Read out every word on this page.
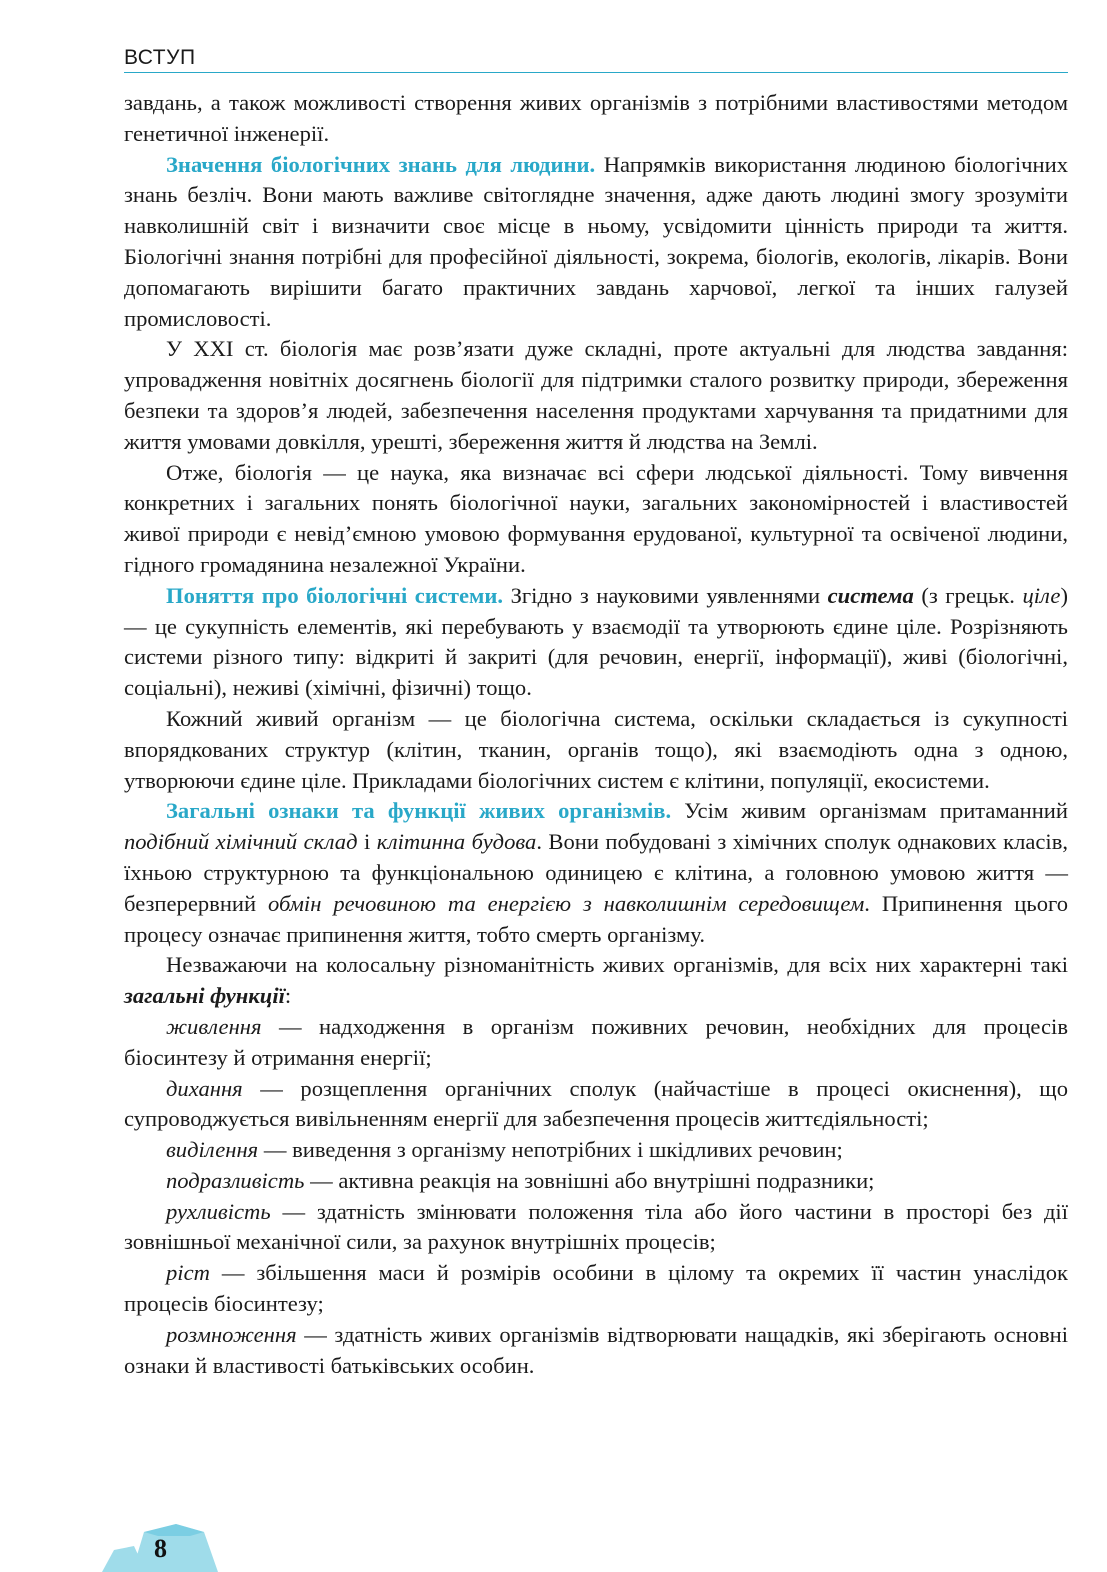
ВСТУП

завдань, а також можливості створення живих організмів з потрібними властивостями методом генетичної інженерії.

Значення біологічних знань для людини. Напрямків використання людиною біологічних знань безліч. Вони мають важливе світоглядне значення, адже дають людині змогу зрозуміти навколишній світ і визначити своє місце в ньому, усвідомити цінність природи та життя. Біологічні знання потрібні для професійної діяльності, зокрема, біологів, екологів, лікарів. Вони допомагають вирішити багато практичних завдань харчової, легкої та інших галузей промисловості.

У XXI ст. біологія має розв’язати дуже складні, проте актуальні для людства завдання: упровадження новітніх досягнень біології для підтримки сталого розвитку природи, збереження безпеки та здоров’я людей, забезпечення населення продуктами харчування та придатними для життя умовами довкілля, урешті, збереження життя й людства на Землі.

Отже, біологія — це наука, яка визначає всі сфери людської діяльності. Тому вивчення конкретних і загальних понять біологічної науки, загальних закономірностей і властивостей живої природи є невід’ємною умовою формування ерудованої, культурної та освіченої людини, гідного громадянина незалежної України.

Поняття про біологічні системи. Згідно з науковими уявленнями система (з грецьк. ціле) — це сукупність елементів, які перебувають у взаємодії та утворюють єдине ціле. Розрізняють системи різного типу: відкриті й закриті (для речовин, енергії, інформації), живі (біологічні, соціальні), неживі (хімічні, фізичні) тощо.

Кожний живий організм — це біологічна система, оскільки складається із сукупності впорядкованих структур (клітин, тканин, органів тощо), які взаємодіють одна з одною, утворюючи єдине ціле. Прикладами біологічних систем є клітини, популяції, екосистеми.

Загальні ознаки та функції живих організмів. Усім живим організмам притаманний подібний хімічний склад і клітинна будова. Вони побудовані з хімічних сполук однакових класів, їхньою структурною та функціональною одиницею є клітина, а головною умовою життя — безперервний обмін речовиною та енергією з навколишнім середовищем. Припинення цього процесу означає припинення життя, тобто смерть організму.

Незважаючи на колосальну різноманітність живих організмів, для всіх них характерні такі загальні функції:

живлення — надходження в організм поживних речовин, необхідних для процесів біосинтезу й отримання енергії;

дихання — розщеплення органічних сполук (найчастіше в процесі окиснення), що супроводжується вивільненням енергії для забезпечення процесів життєдіяльності;

виділення — виведення з організму непотрібних і шкідливих речовин;

подразливість — активна реакція на зовнішні або внутрішні подразники;

рухливість — здатність змінювати положення тіла або його частини в просторі без дії зовнішньої механічної сили, за рахунок внутрішніх процесів;

ріст — збільшення маси й розмірів особини в цілому та окремих її частин унаслідок процесів біосинтезу;

розмноження — здатність живих організмів відтворювати нащадків, які зберігають основні ознаки й властивості батьківських особин.

8
